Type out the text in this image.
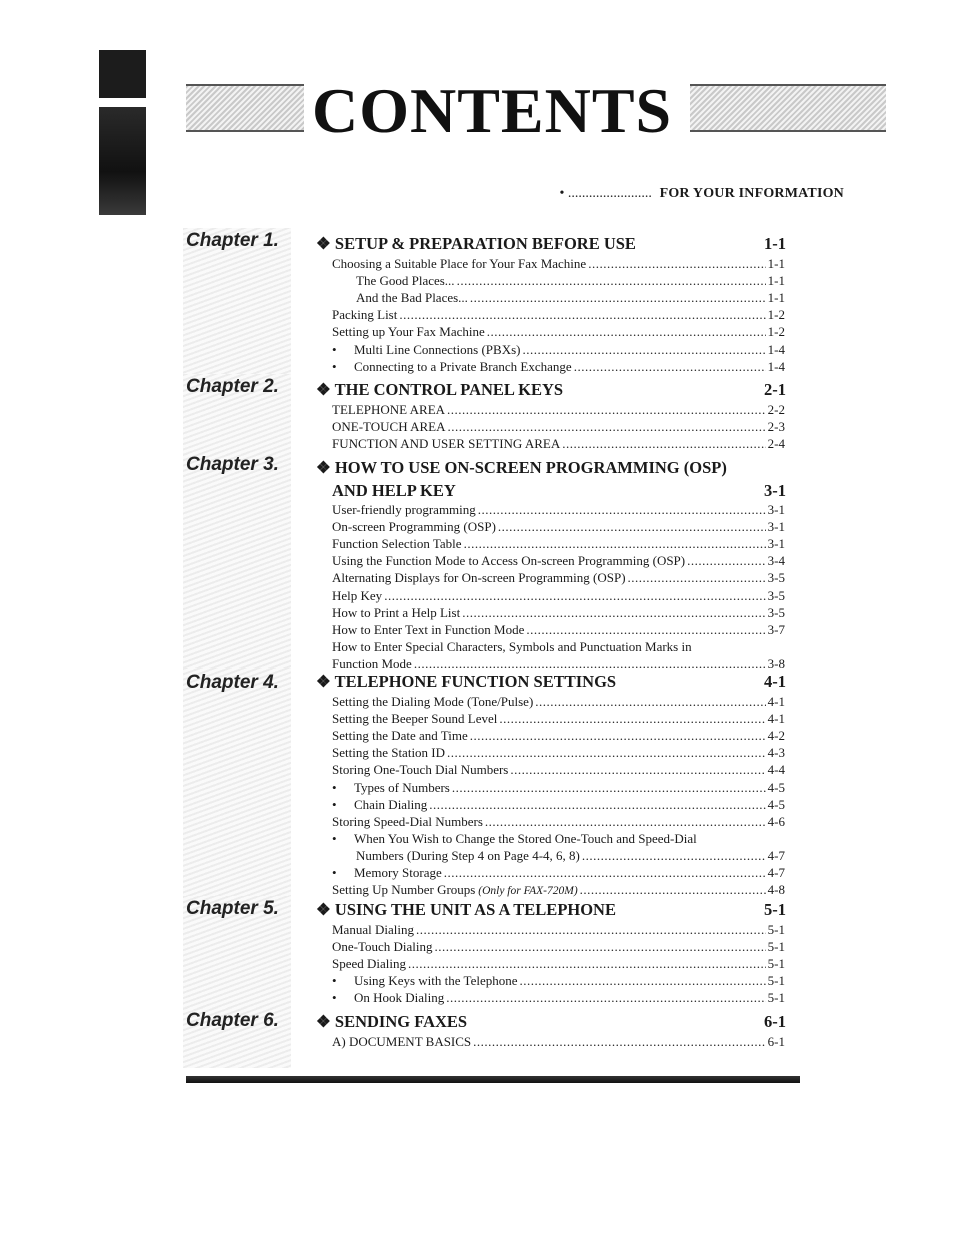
CONTENTS
• ........................ FOR YOUR INFORMATION
Chapter 1. ❖ SETUP & PREPARATION BEFORE USE	1-1
Choosing a Suitable Place for Your Fax Machine .....	1-1
The Good Places... .....	1-1
And the Bad Places... .....	1-1
Packing List .....	1-2
Setting up Your Fax Machine .....	1-2
•	Multi Line Connections (PBXs) .....	1-4
•	Connecting to a Private Branch Exchange .....	1-4
Chapter 2. ❖ THE CONTROL PANEL KEYS	2-1
TELEPHONE AREA .....	2-2
ONE-TOUCH AREA .....	2-3
FUNCTION AND USER SETTING AREA .....	2-4
Chapter 3. ❖ HOW TO USE ON-SCREEN PROGRAMMING (OSP)
AND HELP KEY	3-1
User-friendly programming .....	3-1
On-screen Programming (OSP) .....	3-1
Function Selection Table .....	3-1
Using the Function Mode to Access On-screen Programming (OSP) .....	3-4
Alternating Displays for On-screen Programming (OSP) .....	3-5
Help Key .....	3-5
How to Print a Help List .....	3-5
How to Enter Text in Function Mode .....	3-7
How to Enter Special Characters, Symbols and Punctuation Marks in
Function Mode .....	3-8
Chapter 4. ❖ TELEPHONE FUNCTION SETTINGS	4-1
Setting the Dialing Mode (Tone/Pulse) .....	4-1
Setting the Beeper Sound Level .....	4-1
Setting the Date and Time .....	4-2
Setting the Station ID .....	4-3
Storing One-Touch Dial Numbers .....	4-4
•	Types of Numbers .....	4-5
•	Chain Dialing .....	4-5
Storing Speed-Dial Numbers .....	4-6
•	When You Wish to Change the Stored One-Touch and Speed-Dial
Numbers (During Step 4 on Page 4-4, 6, 8) .....	4-7
•	Memory Storage .....	4-7
Setting Up Number Groups (Only for FAX-720M) .....	4-8
Chapter 5. ❖ USING THE UNIT AS A TELEPHONE	5-1
Manual Dialing .....	5-1
One-Touch Dialing .....	5-1
Speed Dialing .....	5-1
•	Using Keys with the Telephone .....	5-1
•	On Hook Dialing .....	5-1
Chapter 6. ❖ SENDING FAXES	6-1
A) DOCUMENT BASICS .....	6-1
